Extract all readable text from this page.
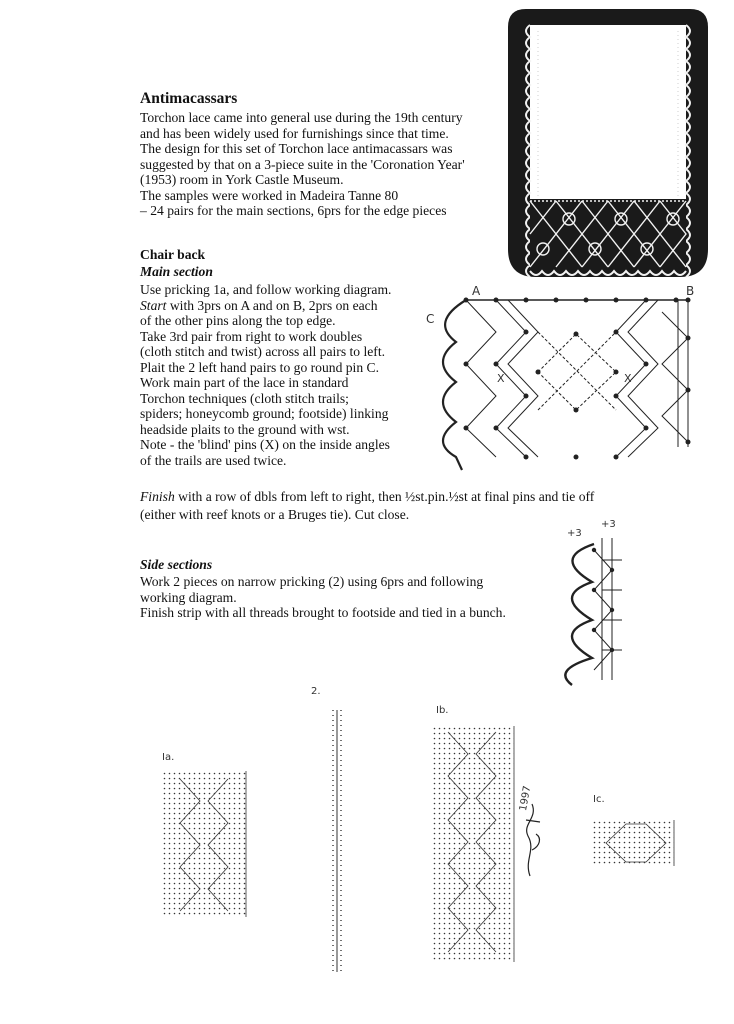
Antimacassars
Torchon lace came into general use during the 19th century
and has been widely used for furnishings since that time.
The design for this set of Torchon lace antimacassars was
suggested by that on a 3-piece suite in the 'Coronation Year'
(1953) room in York Castle Museum.
The samples were worked in Madeira Tanne 80
– 24 pairs for the main sections, 6prs for the edge pieces
Chair back
Main section
Use pricking 1a, and follow working diagram.
Start with 3prs on A and on B, 2prs on each
of the other pins along the top edge.
Take 3rd pair from right to work doubles
(cloth stitch and twist) across all pairs to left.
Plait the 2 left hand pairs to go round pin C.
Work main part of the lace in standard
Torchon techniques (cloth stitch trails;
spiders; honeycomb ground; footside) linking
headside plaits to the ground with wst.
Note - the 'blind' pins (X) on the inside angles
of the trails are used twice.
Finish with a row of dbls from left to right, then ½st.pin.½st at final pins and tie off
(either with reef knots or a Bruges tie). Cut close.
A	B
C
X	X
Side sections
Work 2 pieces on narrow pricking (2) using 6prs and following
working diagram.
Finish strip with all threads brought to footside and tied in a bunch.
+3
+3
Ia.
2.
Ib.
1997	Ic.
